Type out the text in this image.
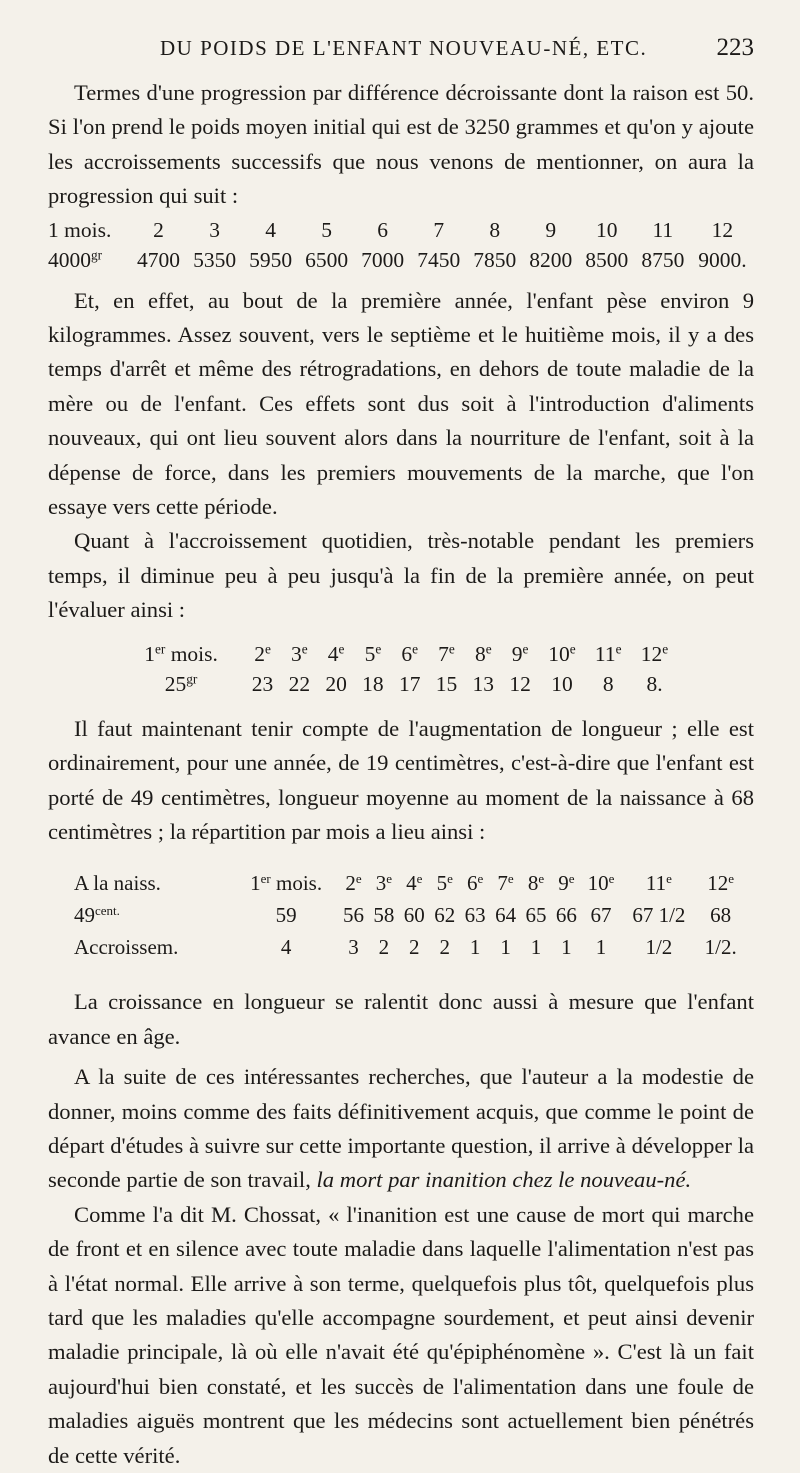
DU POIDS DE L'ENFANT NOUVEAU-NÉ, ETC.	223

Termes d'une progression par différence décroissante dont la raison est 50. Si l'on prend le poids moyen initial qui est de 3250 grammes et qu'on y ajoute les accroissements successifs que nous venons de mentionner, on aura la progression qui suit :

1 mois.	2	3	4	5	6	7	8	9	10	11	12
$4000^{gr}$	4700	5350	5950	6500	7000	7450	7850	8200	8500	8750	9000.

Et, en effet, au bout de la première année, l'enfant pèse environ 9 kilogrammes. Assez souvent, vers le septième et le huitième mois, il y a des temps d'arrêt et même des rétrogradations, en dehors de toute maladie de la mère ou de l'enfant. Ces effets sont dus soit à l'introduction d'aliments nouveaux, qui ont lieu souvent alors dans la nourriture de l'enfant, soit à la dépense de force, dans les premiers mouvements de la marche, que l'on essaye vers cette période.

Quant à l'accroissement quotidien, très-notable pendant les premiers temps, il diminue peu à peu jusqu'à la fin de la première année, on peut l'évaluer ainsi :

1er mois.	2e	3e	4e	5e	6e	7e	8e	9e	10e	11e	12e
$25^{gr}$	23	22	20	18	17	15	13	12	10	8	8.

Il faut maintenant tenir compte de l'augmentation de longueur ; elle est ordinairement, pour une année, de 19 centimètres, c'est-à-dire que l'enfant est porté de 49 centimètres, longueur moyenne au moment de la naissance à 68 centimètres ; la répartition par mois a lieu ainsi :

A la naiss.	1er mois.	2e	3e	4e	5e	6e	7e	8e	9e	10e	11e	12e
$49^{cent.}$	59	56	58	60	62	63	64	65	66	67	67 1/2	68
Accroissem.	4	3	2	2	2	1	1	1	1	1	1/2	1/2.

La croissance en longueur se ralentit donc aussi à mesure que l'enfant avance en âge.

A la suite de ces intéressantes recherches, que l'auteur a la modestie de donner, moins comme des faits définitivement acquis, que comme le point de départ d'études à suivre sur cette importante question, il arrive à développer la seconde partie de son travail, la mort par inanition chez le nouveau-né.

Comme l'a dit M. Chossat, « l'inanition est une cause de mort qui marche de front et en silence avec toute maladie dans laquelle l'alimentation n'est pas à l'état normal. Elle arrive à son terme, quelquefois plus tôt, quelquefois plus tard que les maladies qu'elle accompagne sourdement, et peut ainsi devenir maladie principale, là où elle n'avait été qu'épiphénomène ». C'est là un fait aujourd'hui bien constaté, et les succès de l'alimentation dans une foule de maladies aiguës montrent que les médecins sont actuellement bien pénétrés de cette vérité.
